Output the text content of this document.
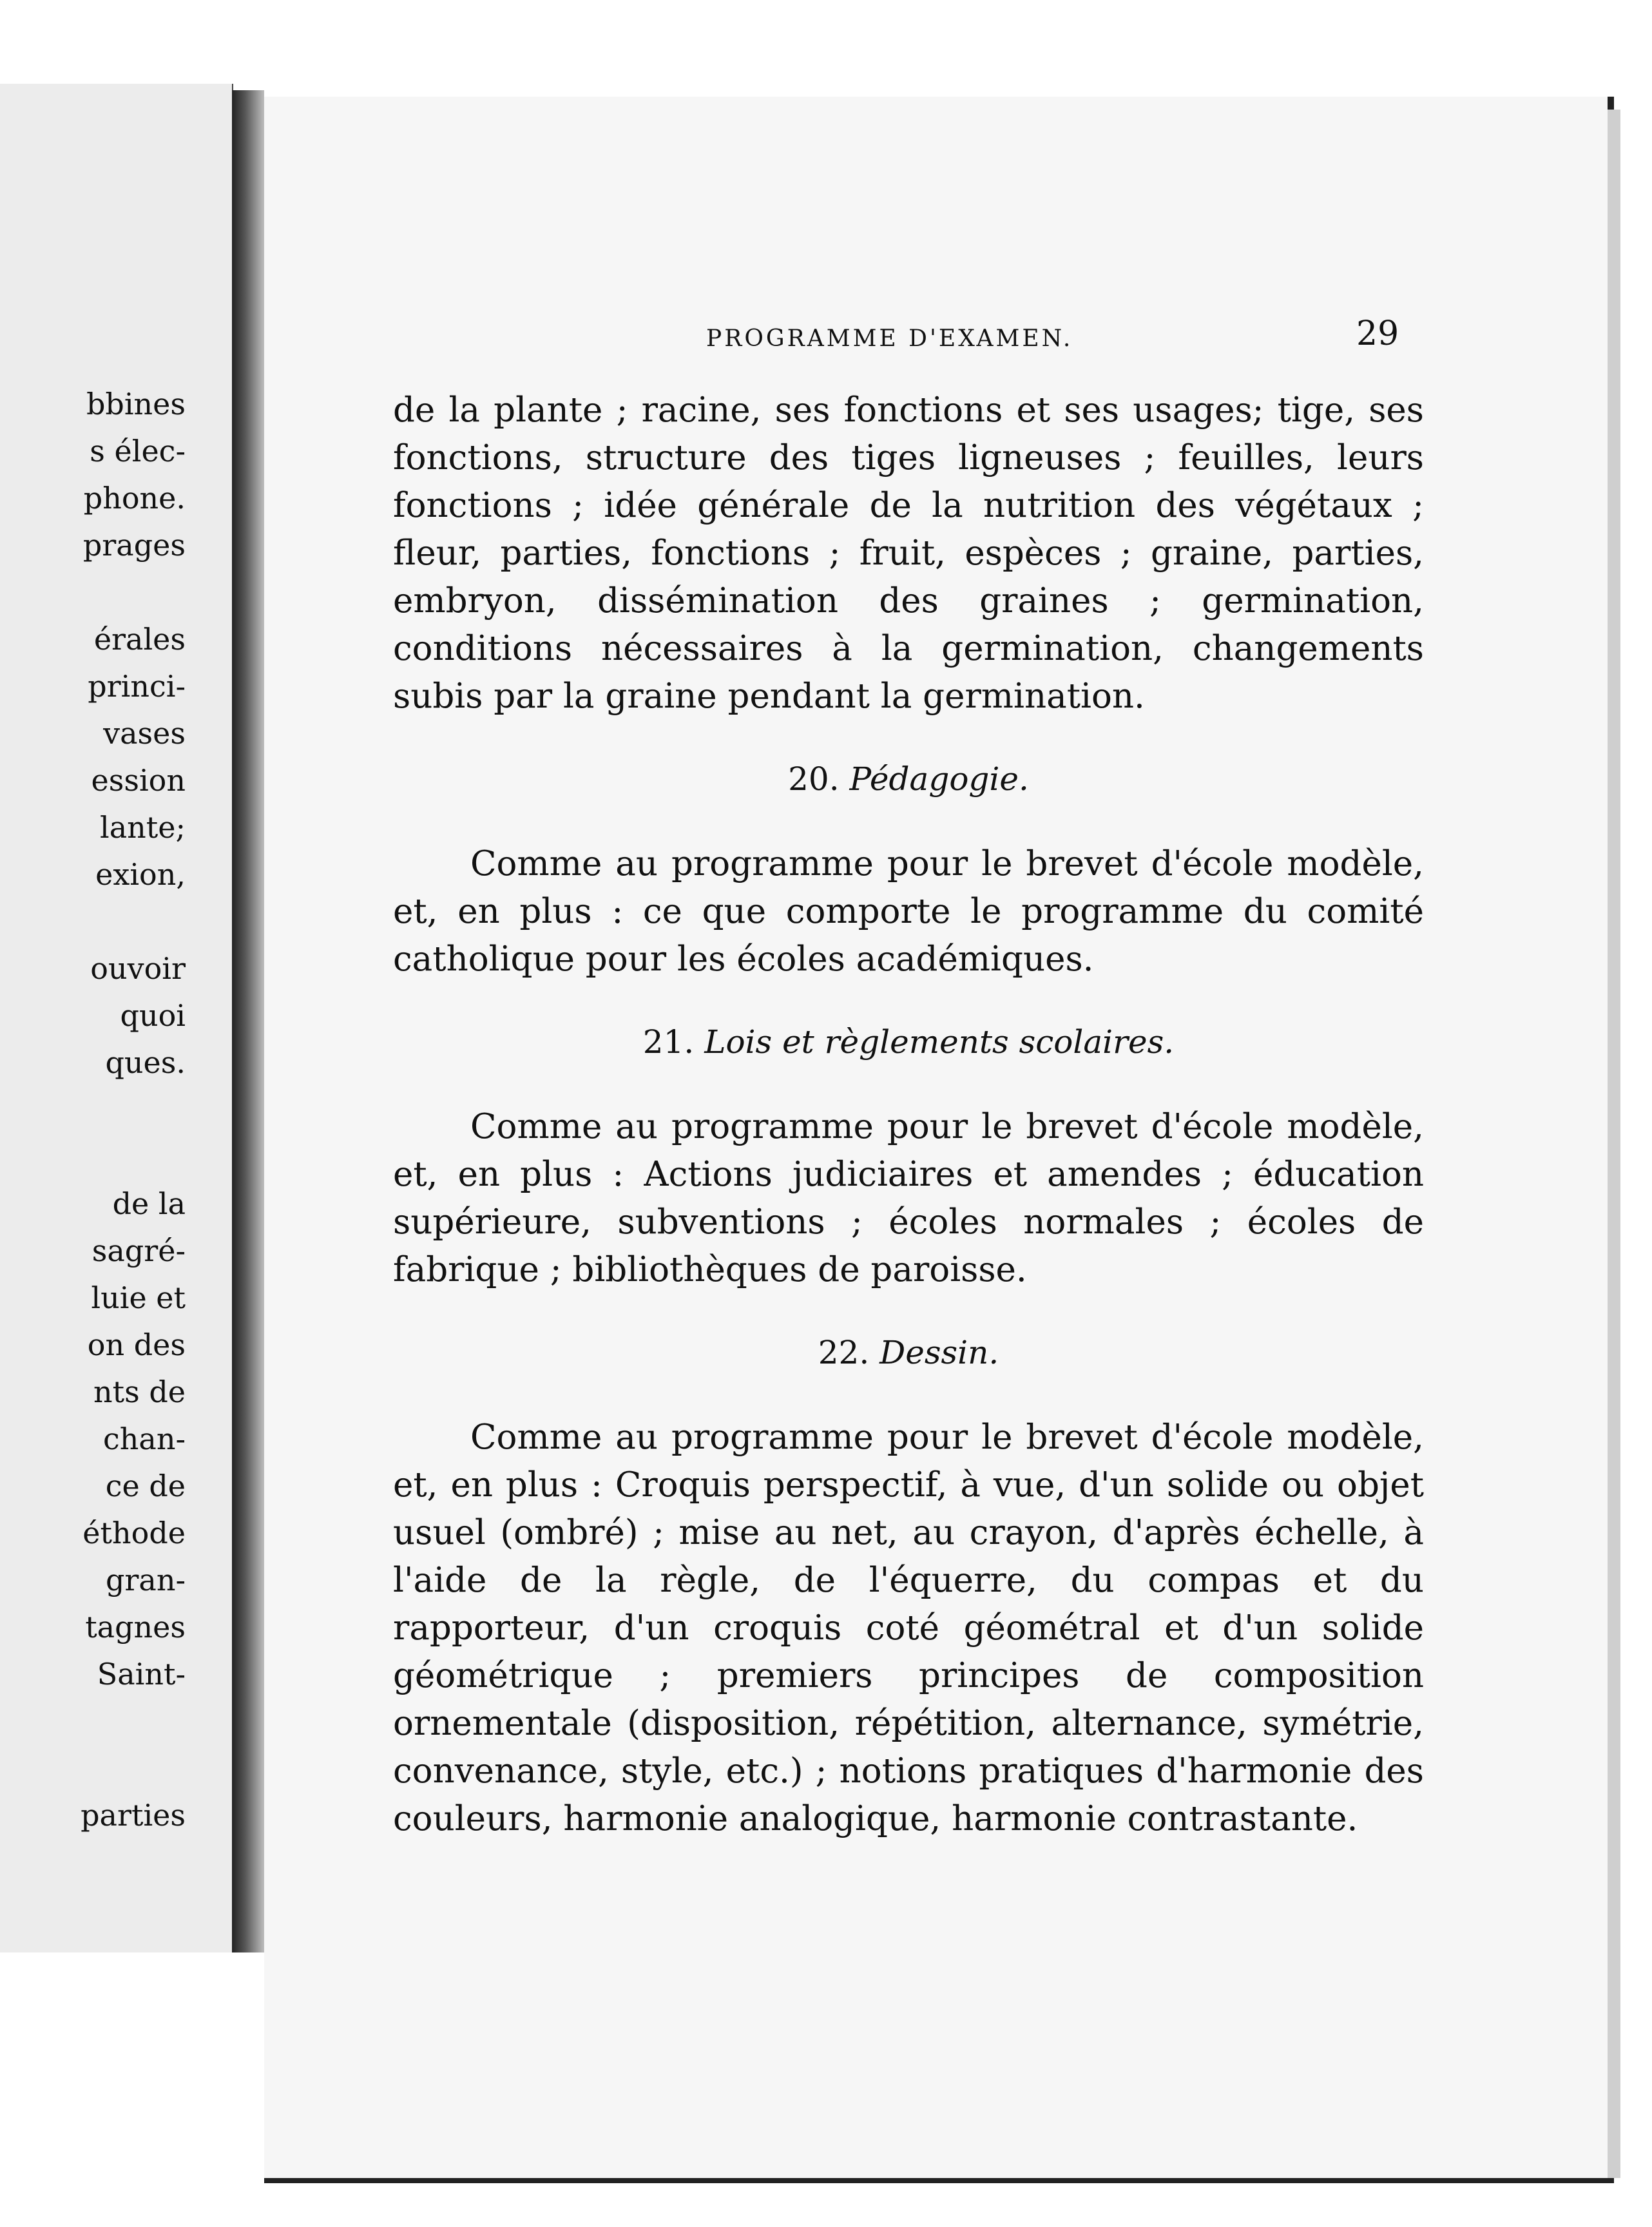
bbines
s élec-
phone.
prages
érales
princi-
vases
ession
lante;
exion,
ouvoir
quoi
ques.
de la
sagré-
luie et
on des
nts de
chan-
ce de
éthode
gran-
tagnes
Saint-
parties
PROGRAMME D'EXAMEN.	29

de la plante ; racine, ses fonctions et ses usages; tige, ses fonctions, structure des tiges ligneuses ; feuilles, leurs fonctions ; idée générale de la nutrition des végétaux ; fleur, parties, fonctions ; fruit, espèces ; graine, parties, embryon, dissémination des graines ; germination, conditions nécessaires à la germination, changements subis par la graine pendant la germination.

20. Pédagogie.

Comme au programme pour le brevet d'école modèle, et, en plus : ce que comporte le programme du comité catholique pour les écoles académiques.

21. Lois et règlements scolaires.

Comme au programme pour le brevet d'école modèle, et, en plus : Actions judiciaires et amendes ; éducation supérieure, subventions ; écoles normales ; écoles de fabrique ; bibliothèques de paroisse.

22. Dessin.

Comme au programme pour le brevet d'école modèle, et, en plus : Croquis perspectif, à vue, d'un solide ou objet usuel (ombré) ; mise au net, au crayon, d'après échelle, à l'aide de la règle, de l'équerre, du compas et du rapporteur, d'un croquis coté géométral et d'un solide géométrique ; premiers principes de composition ornementale (disposition, répétition, alternance, symétrie, convenance, style, etc.) ; notions pratiques d'harmonie des couleurs, harmonie analogique, harmonie contrastante.
